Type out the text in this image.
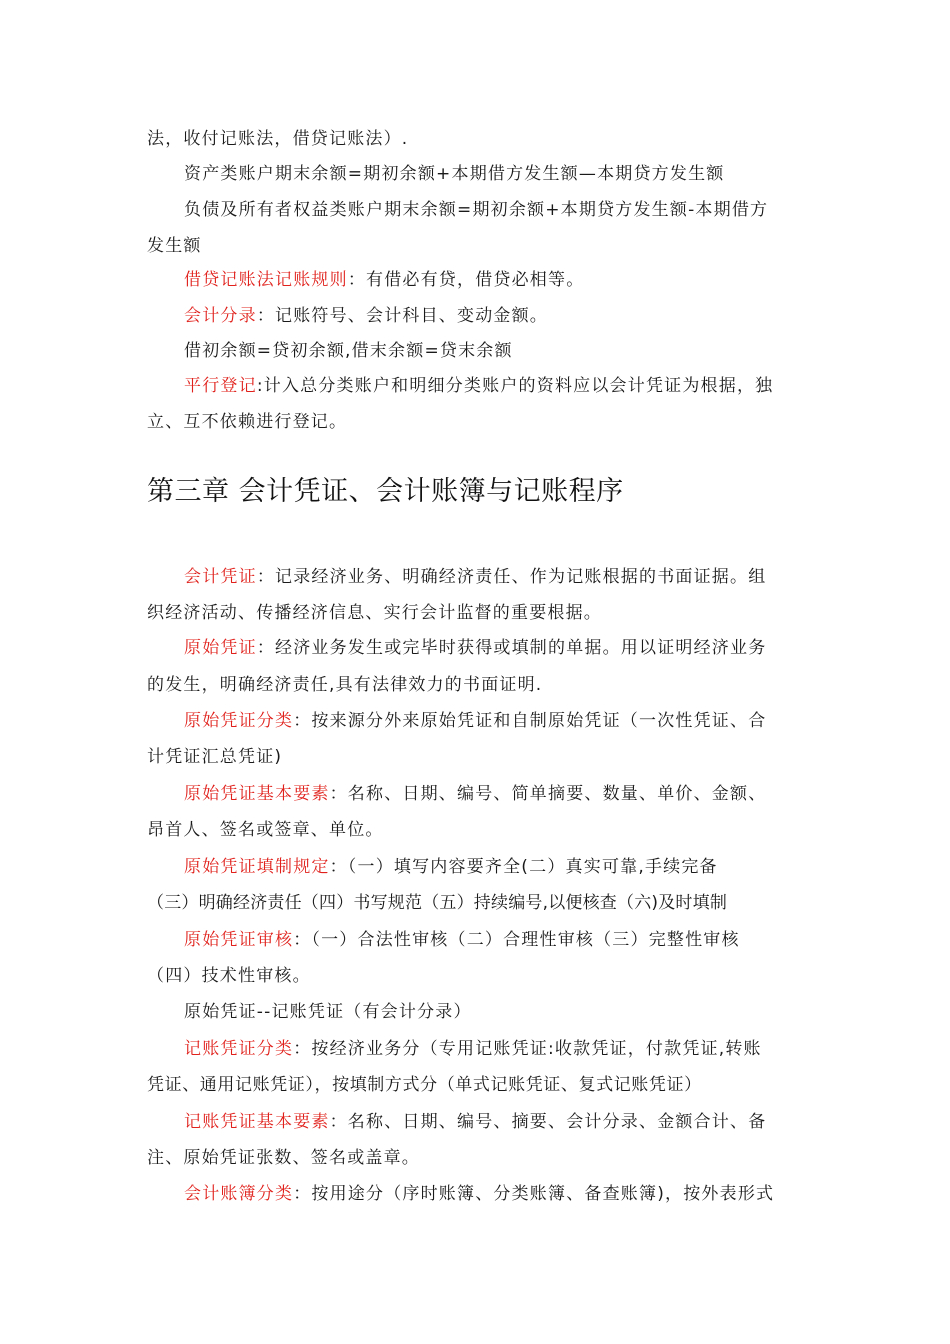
法，收付记账法，借贷记账法）.
资产类账户期末余额=期初余额+本期借方发生额—本期贷方发生额
负债及所有者权益类账户期末余额=期初余额+本期贷方发生额-本期借方
发生额
借贷记账法记账规则：有借必有贷，借贷必相等。
会计分录：记账符号、会计科目、变动金额。
借初余额=贷初余额,借末余额=贷末余额
平行登记:计入总分类账户和明细分类账户的资料应以会计凭证为根据，独
立、互不依赖进行登记。
第三章 会计凭证、会计账簿与记账程序
会计凭证：记录经济业务、明确经济责任、作为记账根据的书面证据。组
织经济活动、传播经济信息、实行会计监督的重要根据。
原始凭证：经济业务发生或完毕时获得或填制的单据。用以证明经济业务
的发生，明确经济责任,具有法律效力的书面证明.
原始凭证分类：按来源分外来原始凭证和自制原始凭证（一次性凭证、合
计凭证汇总凭证)
原始凭证基本要素：名称、日期、编号、简单摘要、数量、单价、金额、
昂首人、签名或签章、单位。
原始凭证填制规定：（一）填写内容要齐全(二）真实可靠,手续完备
（三）明确经济责任（四）书写规范（五）持续编号,以便核查（六)及时填制
原始凭证审核：（一）合法性审核（二）合理性审核（三）完整性审核
（四）技术性审核。
原始凭证--记账凭证（有会计分录）
记账凭证分类：按经济业务分（专用记账凭证:收款凭证，付款凭证,转账
凭证、通用记账凭证），按填制方式分（单式记账凭证、复式记账凭证）
记账凭证基本要素：名称、日期、编号、摘要、会计分录、金额合计、备
注、原始凭证张数、签名或盖章。
会计账簿分类：按用途分（序时账簿、分类账簿、备查账簿)，按外表形式
